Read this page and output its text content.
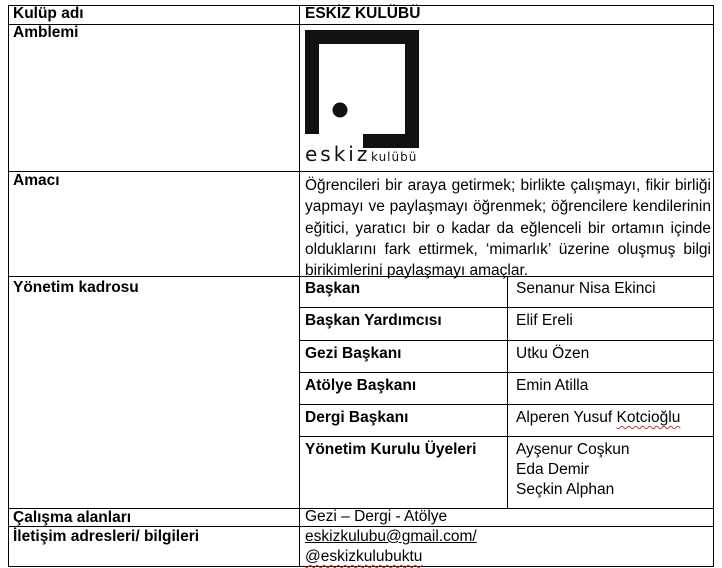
Kulüp adı	ESKİZ KULÜBÜ
Amblemi
eskiz kulübü
Amacı	Öğrencileri bir araya getirmek; birlikte çalışmayı, fikir birliği yapmayı ve paylaşmayı öğrenmek; öğrencilere kendilerinin eğitici, yaratıcı bir o kadar da eğlenceli bir ortamın içinde olduklarını fark ettirmek, ‘mimarlık’ üzerine oluşmuş bilgi birikimlerini paylaşmayı amaçlar.
Yönetim kadrosu	Başkan	Senanur Nisa Ekinci
Başkan Yardımcısı	Elif Ereli
Gezi Başkanı	Utku Özen
Atölye Başkanı	Emin Atilla
Dergi Başkanı	Alperen Yusuf Kotcioğlu
Yönetim Kurulu Üyeleri	Ayşenur Coşkun
Eda Demir
Seçkin Alphan
Çalışma alanları	Gezi – Dergi - Atölye
İletişim adresleri/ bilgileri	eskizkulubu@gmail.com/
@eskizkulubuktu
